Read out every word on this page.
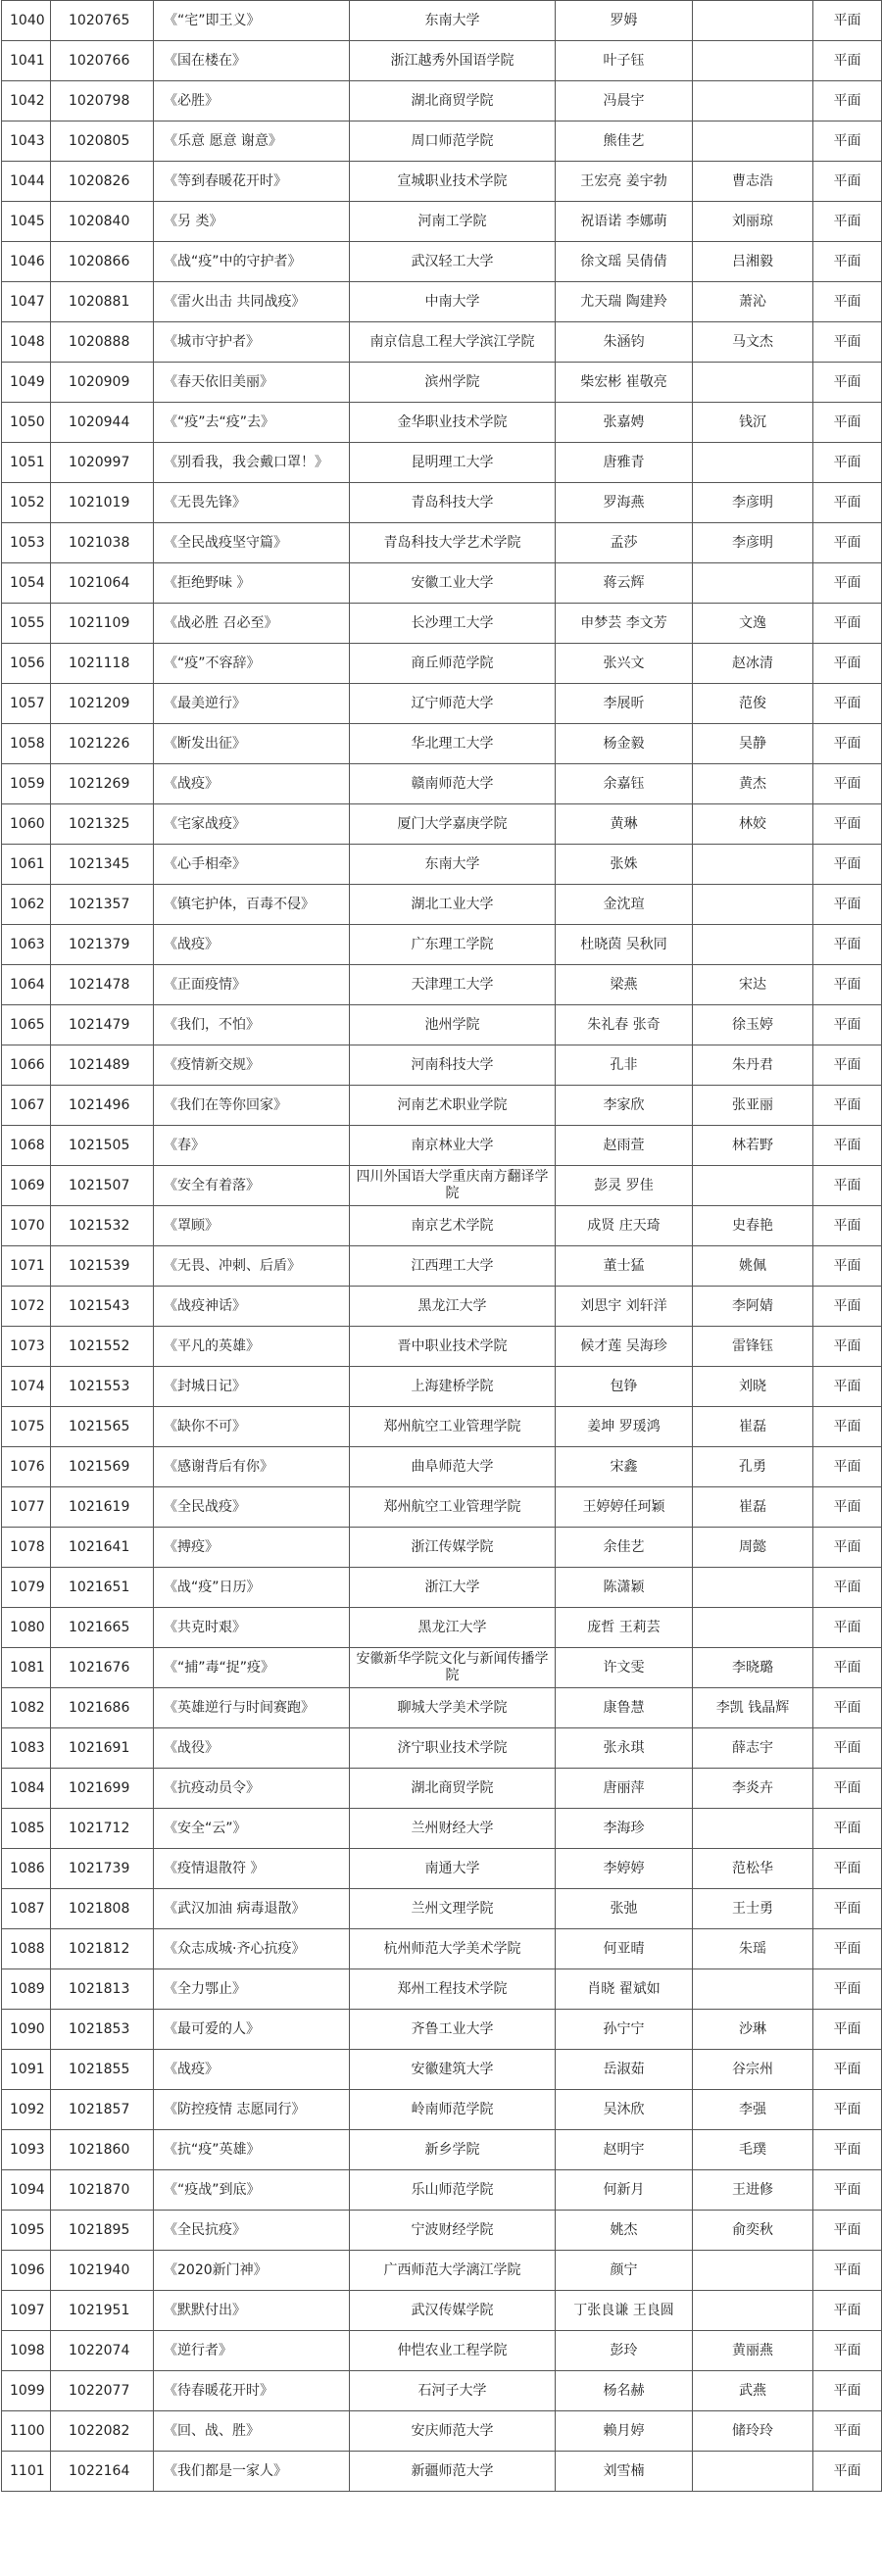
1040	1020765	《“宅”即王义》	东南大学	罗姆		平面
1041	1020766	《国在楼在》	浙江越秀外国语学院	叶子钰		平面
1042	1020798	《必胜》	湖北商贸学院	冯晨宇		平面
1043	1020805	《乐意 愿意 谢意》	周口师范学院	熊佳艺		平面
1044	1020826	《等到春暖花开时》	宣城职业技术学院	王宏亮 姜宇勃	曹志浩	平面
1045	1020840	《另 类》	河南工学院	祝语诺 李娜萌	刘丽琼	平面
1046	1020866	《战“疫”中的守护者》	武汉轻工大学	徐文瑶 吴倩倩	吕湘毅	平面
1047	1020881	《雷火出击 共同战疫》	中南大学	尤天瑞 陶建羚	萧沁	平面
1048	1020888	《城市守护者》	南京信息工程大学滨江学院	朱涵钧	马文杰	平面
1049	1020909	《春天依旧美丽》	滨州学院	柴宏彬 崔敬亮		平面
1050	1020944	《“疫”去“疫”去》	金华职业技术学院	张嘉娉	钱沉	平面
1051	1020997	《别看我，我会戴口罩！》	昆明理工大学	唐雅青		平面
1052	1021019	《无畏先锋》	青岛科技大学	罗海燕	李彦明	平面
1053	1021038	《全民战疫坚守篇》	青岛科技大学艺术学院	孟莎	李彦明	平面
1054	1021064	《拒绝野味 》	安徽工业大学	蒋云辉		平面
1055	1021109	《战必胜 召必至》	长沙理工大学	申梦芸 李文芳	文逸	平面
1056	1021118	《“疫”不容辞》	商丘师范学院	张兴文	赵冰清	平面
1057	1021209	《最美逆行》	辽宁师范大学	李展昕	范俊	平面
1058	1021226	《断发出征》	华北理工大学	杨金毅	吴静	平面
1059	1021269	《战疫》	赣南师范大学	余嘉钰	黄杰	平面
1060	1021325	《宅家战疫》	厦门大学嘉庚学院	黄琳	林姣	平面
1061	1021345	《心手相牵》	东南大学	张姝		平面
1062	1021357	《镇宅护体，百毒不侵》	湖北工业大学	金沈瑄		平面
1063	1021379	《战疫》	广东理工学院	杜晓茵 吴秋同		平面
1064	1021478	《正面疫情》	天津理工大学	梁燕	宋达	平面
1065	1021479	《我们，不怕》	池州学院	朱礼春 张奇	徐玉婷	平面
1066	1021489	《疫情新交规》	河南科技大学	孔非	朱丹君	平面
1067	1021496	《我们在等你回家》	河南艺术职业学院	李家欣	张亚丽	平面
1068	1021505	《春》	南京林业大学	赵雨萱	林若野	平面
1069	1021507	《安全有着落》	四川外国语大学重庆南方翻译学院	彭灵 罗佳		平面
1070	1021532	《罩顾》	南京艺术学院	成贤 庄天琦	史春艳	平面
1071	1021539	《无畏、冲刺、后盾》	江西理工大学	董士猛	姚佩	平面
1072	1021543	《战疫神话》	黑龙江大学	刘思宇 刘轩洋	李阿婧	平面
1073	1021552	《平凡的英雄》	晋中职业技术学院	候才莲 吴海珍	雷锋钰	平面
1074	1021553	《封城日记》	上海建桥学院	包铮	刘晓	平面
1075	1021565	《缺你不可》	郑州航空工业管理学院	姜坤 罗瑗鸿	崔磊	平面
1076	1021569	《感谢背后有你》	曲阜师范大学	宋鑫	孔勇	平面
1077	1021619	《全民战疫》	郑州航空工业管理学院	王婷婷任珂颖	崔磊	平面
1078	1021641	《搏疫》	浙江传媒学院	余佳艺	周懿	平面
1079	1021651	《战“疫”日历》	浙江大学	陈潇颖		平面
1080	1021665	《共克时艰》	黑龙江大学	庞哲 王莉芸		平面
1081	1021676	《“捕”毒“捉”疫》	安徽新华学院文化与新闻传播学院	许文雯	李晓璐	平面
1082	1021686	《英雄逆行与时间赛跑》	聊城大学美术学院	康鲁慧	李凯 钱晶辉	平面
1083	1021691	《战役》	济宁职业技术学院	张永琪	薛志宇	平面
1084	1021699	《抗疫动员令》	湖北商贸学院	唐丽萍	李炎卉	平面
1085	1021712	《安全“云”》	兰州财经大学	李海珍		平面
1086	1021739	《疫情退散符 》	南通大学	李婷婷	范松华	平面
1087	1021808	《武汉加油 病毒退散》	兰州文理学院	张弛	王士勇	平面
1088	1021812	《众志成城·齐心抗疫》	杭州师范大学美术学院	何亚晴	朱瑶	平面
1089	1021813	《全力鄂止》	郑州工程技术学院	肖晓 翟斌如		平面
1090	1021853	《最可爱的人》	齐鲁工业大学	孙宁宁	沙琳	平面
1091	1021855	《战疫》	安徽建筑大学	岳淑茹	谷宗州	平面
1092	1021857	《防控疫情 志愿同行》	岭南师范学院	吴沐欣	李强	平面
1093	1021860	《抗“疫”英雄》	新乡学院	赵明宇	毛璞	平面
1094	1021870	《“疫战”到底》	乐山师范学院	何新月	王进修	平面
1095	1021895	《全民抗疫》	宁波财经学院	姚杰	俞奕秋	平面
1096	1021940	《2020新门神》	广西师范大学漓江学院	颜宁		平面
1097	1021951	《默默付出》	武汉传媒学院	丁张良谦 王良圆		平面
1098	1022074	《逆行者》	仲恺农业工程学院	彭玲	黄丽燕	平面
1099	1022077	《待春暖花开时》	石河子大学	杨名赫	武燕	平面
1100	1022082	《回、战、胜》	安庆师范大学	赖月婷	储玲玲	平面
1101	1022164	《我们都是一家人》	新疆师范大学	刘雪楠		平面
